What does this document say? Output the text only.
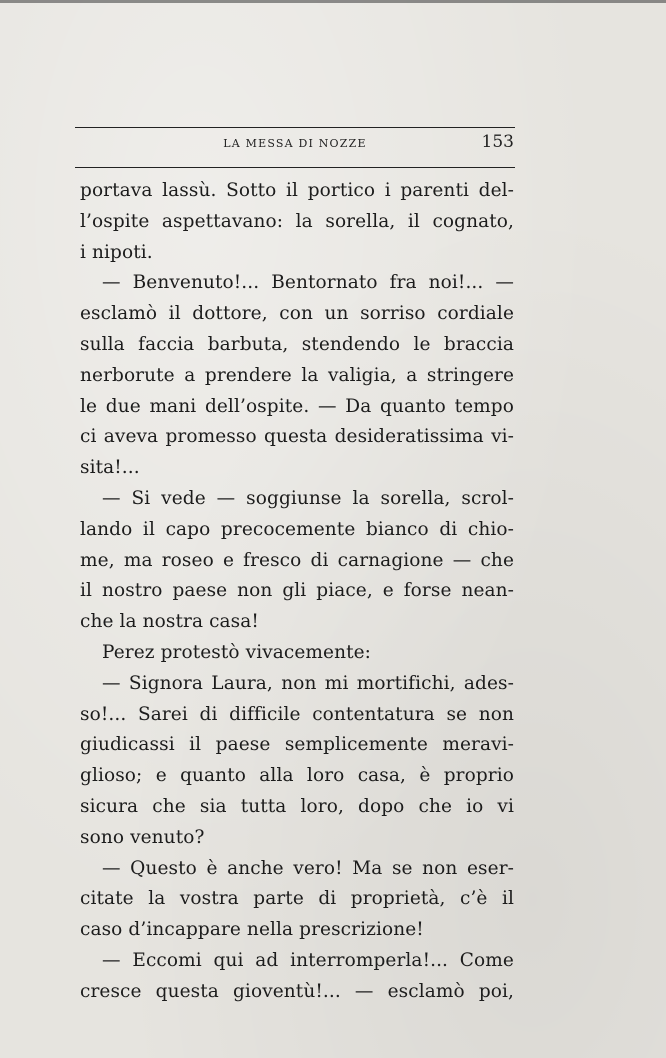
LA MESSA DI NOZZE	153
portava lassù. Sotto il portico i parenti del-
l’ospite aspettavano: la sorella, il cognato,
i nipoti.
— Benvenuto!... Bentornato fra noi!... —
esclamò il dottore, con un sorriso cordiale
sulla faccia barbuta, stendendo le braccia
nerborute a prendere la valigia, a stringere
le due mani dell’ospite. — Da quanto tempo
ci aveva promesso questa desideratissima vi-
sita!...
— Si vede — soggiunse la sorella, scrol-
lando il capo precocemente bianco di chio-
me, ma roseo e fresco di carnagione — che
il nostro paese non gli piace, e forse nean-
che la nostra casa!
Perez protestò vivacemente:
— Signora Laura, non mi mortifichi, ades-
so!... Sarei di difficile contentatura se non
giudicassi il paese semplicemente meravi-
glioso; e quanto alla loro casa, è proprio
sicura che sia tutta loro, dopo che io vi
sono venuto?
— Questo è anche vero! Ma se non eser-
citate la vostra parte di proprietà, c’è il
caso d’incappare nella prescrizione!
— Eccomi qui ad interromperla!... Come
cresce questa gioventù!... — esclamò poi,
